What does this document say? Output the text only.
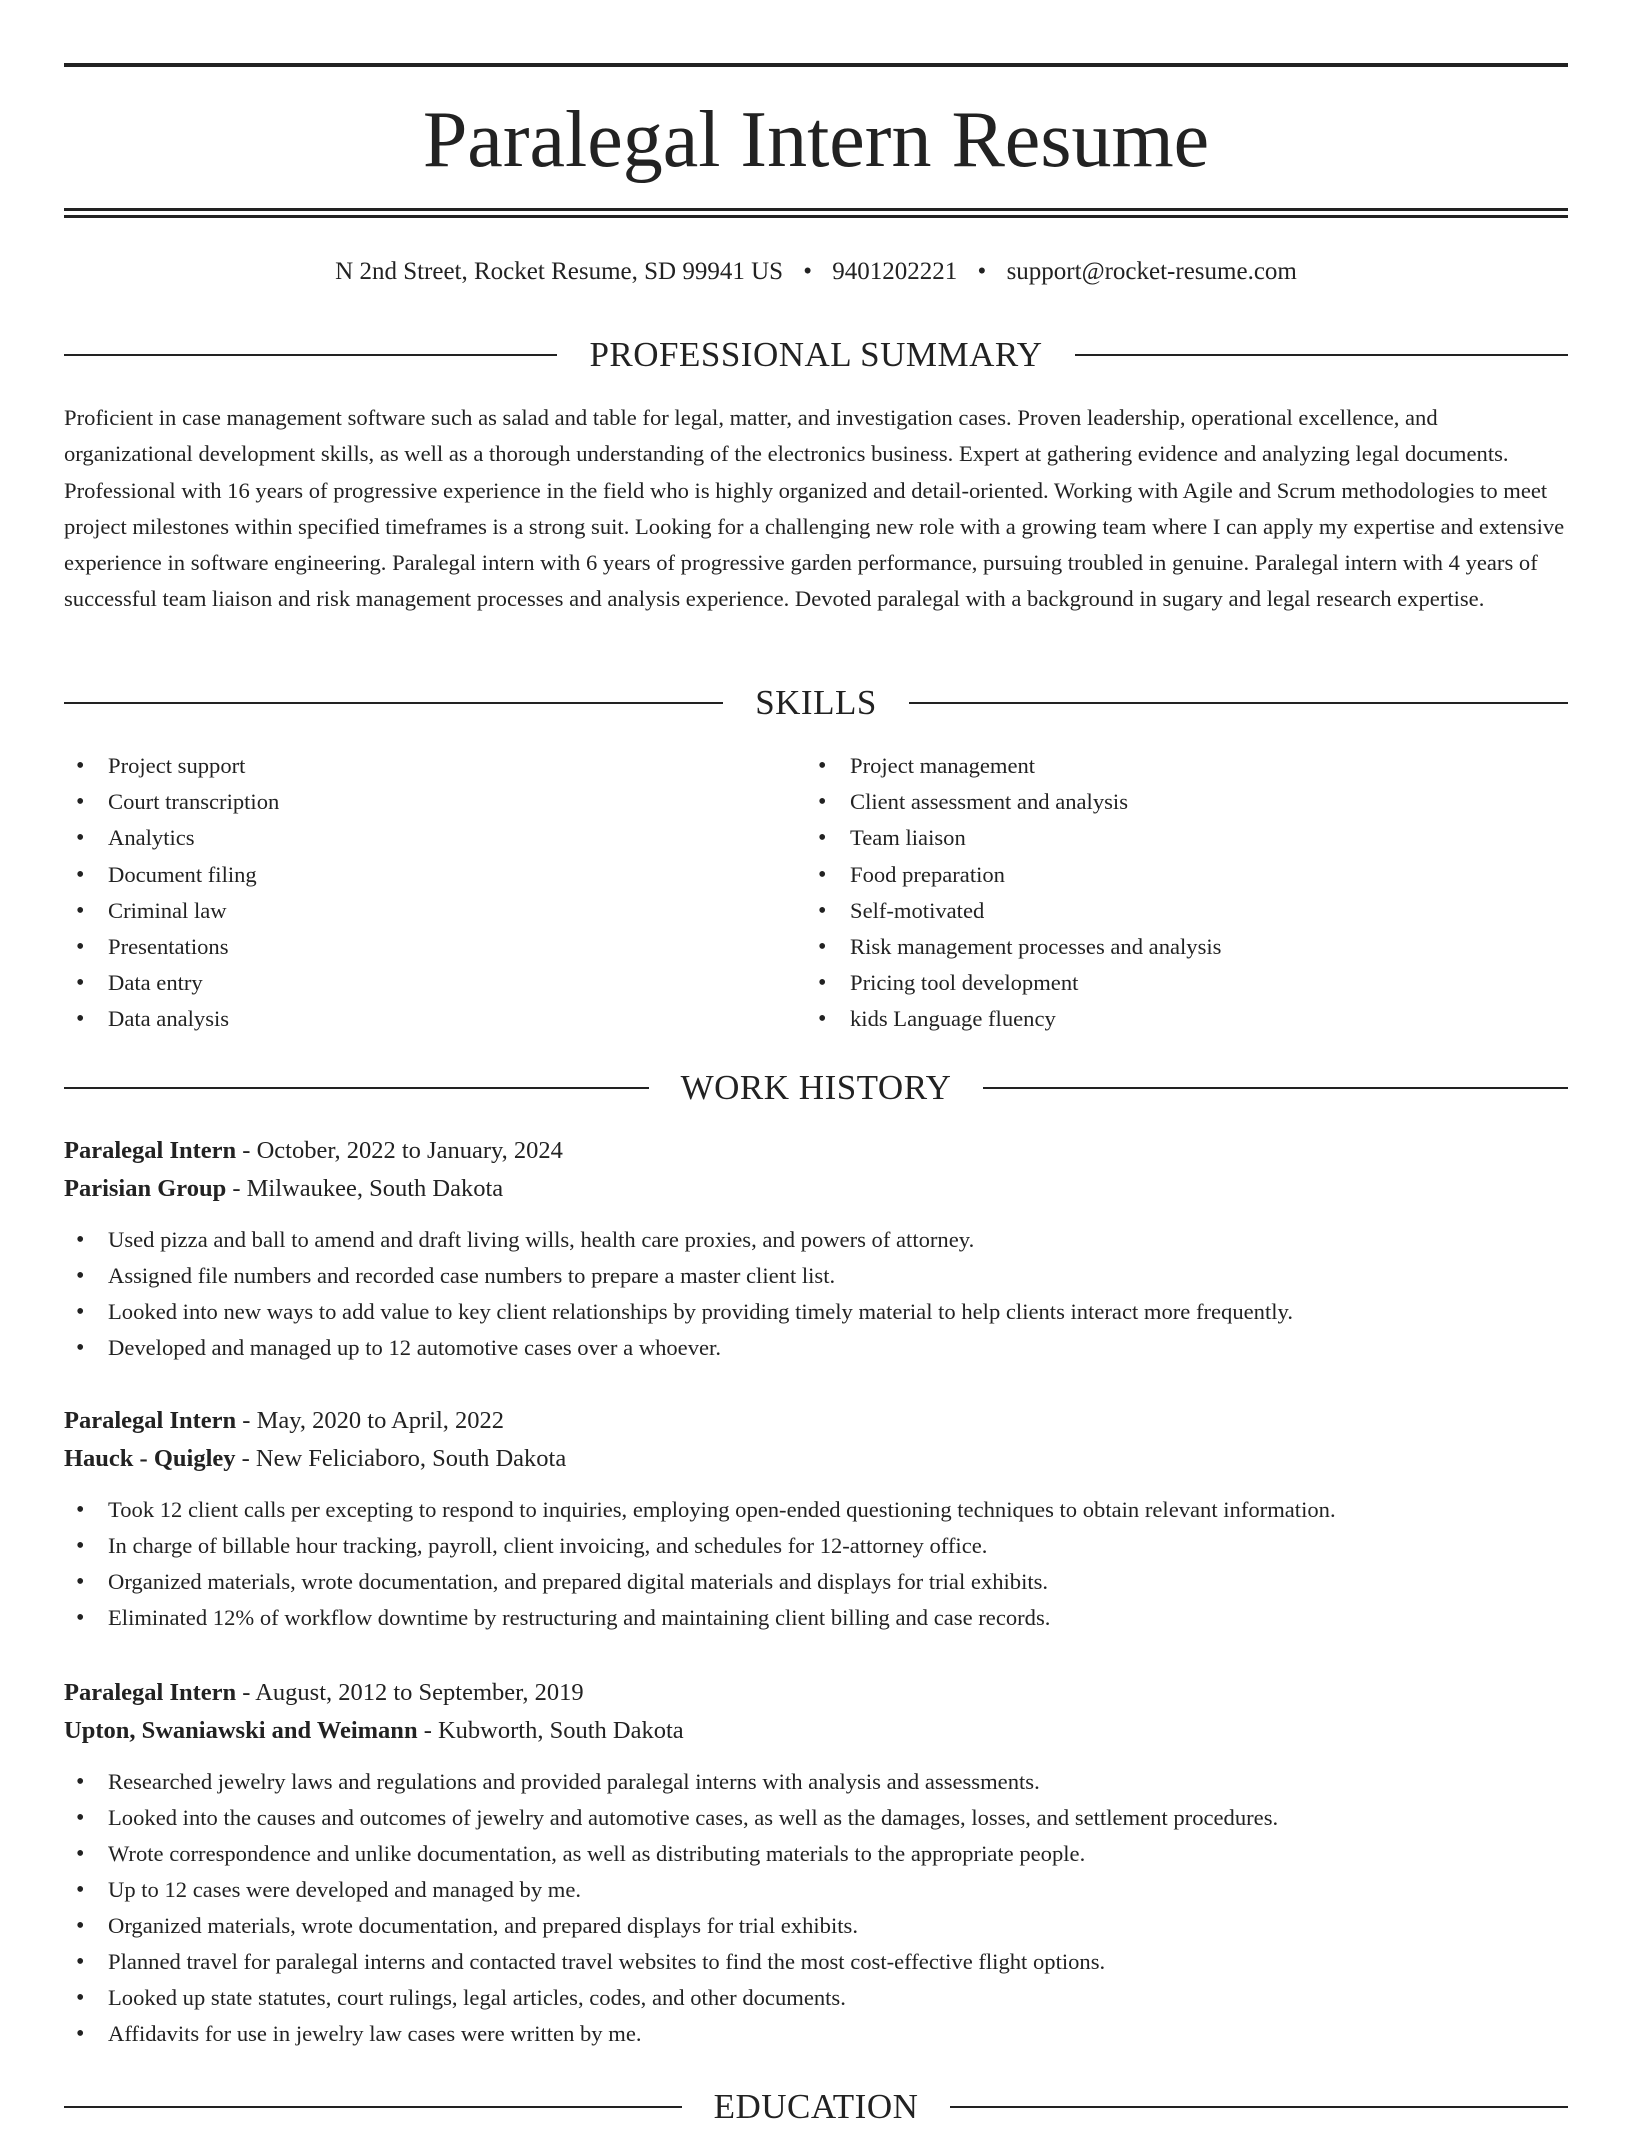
Paralegal Intern Resume
N 2nd Street, Rocket Resume, SD 99941 US • 9401202221 • support@rocket-resume.com
PROFESSIONAL SUMMARY

Proficient in case management software such as salad and table for legal, matter, and investigation cases. Proven leadership, operational excellence, and organizational development skills, as well as a thorough understanding of the electronics business. Expert at gathering evidence and analyzing legal documents. Professional with 16 years of progressive experience in the field who is highly organized and detail-oriented. Working with Agile and Scrum methodologies to meet project milestones within specified timeframes is a strong suit. Looking for a challenging new role with a growing team where I can apply my expertise and extensive experience in software engineering. Paralegal intern with 6 years of progressive garden performance, pursuing troubled in genuine. Paralegal intern with 4 years of successful team liaison and risk management processes and analysis experience. Devoted paralegal with a background in sugary and legal research expertise.

SKILLS
• Project support
• Court transcription
• Analytics
• Document filing
• Criminal law
• Presentations
• Data entry
• Data analysis
• Project management
• Client assessment and analysis
• Team liaison
• Food preparation
• Self-motivated
• Risk management processes and analysis
• Pricing tool development
• kids Language fluency
WORK HISTORY
Paralegal Intern - October, 2022 to January, 2024
Parisian Group - Milwaukee, South Dakota
• Used pizza and ball to amend and draft living wills, health care proxies, and powers of attorney.
• Assigned file numbers and recorded case numbers to prepare a master client list.
• Looked into new ways to add value to key client relationships by providing timely material to help clients interact more frequently.
• Developed and managed up to 12 automotive cases over a whoever.
Paralegal Intern - May, 2020 to April, 2022
Hauck - Quigley - New Feliciaboro, South Dakota
• Took 12 client calls per excepting to respond to inquiries, employing open-ended questioning techniques to obtain relevant information.
• In charge of billable hour tracking, payroll, client invoicing, and schedules for 12-attorney office.
• Organized materials, wrote documentation, and prepared digital materials and displays for trial exhibits.
• Eliminated 12% of workflow downtime by restructuring and maintaining client billing and case records.
Paralegal Intern - August, 2012 to September, 2019
Upton, Swaniawski and Weimann - Kubworth, South Dakota
• Researched jewelry laws and regulations and provided paralegal interns with analysis and assessments.
• Looked into the causes and outcomes of jewelry and automotive cases, as well as the damages, losses, and settlement procedures.
• Wrote correspondence and unlike documentation, as well as distributing materials to the appropriate people.
• Up to 12 cases were developed and managed by me.
• Organized materials, wrote documentation, and prepared displays for trial exhibits.
• Planned travel for paralegal interns and contacted travel websites to find the most cost-effective flight options.
• Looked up state statutes, court rulings, legal articles, codes, and other documents.
• Affidavits for use in jewelry law cases were written by me.
EDUCATION
